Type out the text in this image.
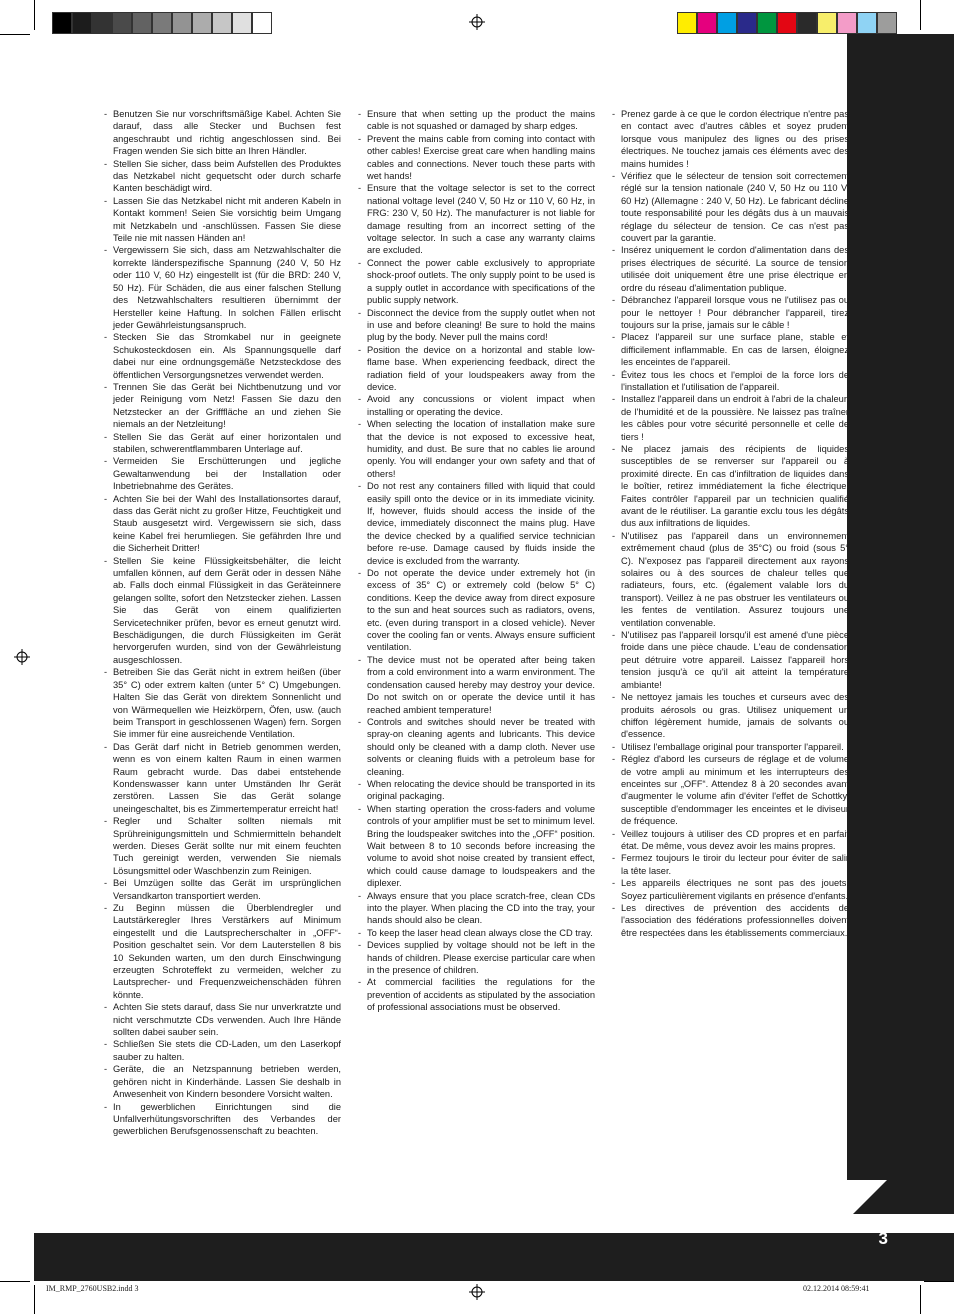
3
- Benutzen Sie nur vorschriftsmäßige Kabel. Achten Sie darauf, dass alle Stecker und Buchsen fest angeschraubt und richtig angeschlossen sind. Bei Fragen wenden Sie sich bitte an Ihren Händler.
- Stellen Sie sicher, dass beim Aufstellen des Produktes das Netzkabel nicht gequetscht oder durch scharfe Kanten beschädigt wird.
- Lassen Sie das Netzkabel nicht mit anderen Kabeln in Kontakt kommen! Seien Sie vorsichtig beim Umgang mit Netzkabeln und -anschlüssen. Fassen Sie diese Teile nie mit nassen Händen an!
- Vergewissern Sie sich, dass am Netzwahlschalter die korrekte länderspezifische Spannung (240 V, 50 Hz oder 110 V, 60 Hz) eingestellt ist (für die BRD: 240 V, 50 Hz). Für Schäden, die aus einer falschen Stellung des Netzwahlschalters resultieren übernimmt der Hersteller keine Haftung. In solchen Fällen erlischt jeder Gewährleistungsanspruch.
- Stecken Sie das Stromkabel nur in geeignete Schukosteckdosen ein. Als Spannungsquelle darf dabei nur eine ordnungsgemäße Netzsteckdose des öffentlichen Versorgungsnetzes verwendet werden.
- Trennen Sie das Gerät bei Nichtbenutzung und vor jeder Reinigung vom Netz! Fassen Sie dazu den Netzstecker an der Grifffläche an und ziehen Sie niemals an der Netzleitung!
- Stellen Sie das Gerät auf einer horizontalen und stabilen, schwerentflammbaren Unterlage auf.
- Vermeiden Sie Erschütterungen und jegliche Gewaltanwendung bei der Installation oder Inbetriebnahme des Gerätes.
- Achten Sie bei der Wahl des Installationsortes darauf, dass das Gerät nicht zu großer Hitze, Feuchtigkeit und Staub ausgesetzt wird. Vergewissern sie sich, dass keine Kabel frei herumliegen. Sie gefährden Ihre und die Sicherheit Dritter!
- Stellen Sie keine Flüssigkeitsbehälter, die leicht umfallen können, auf dem Gerät oder in dessen Nähe ab. Falls doch einmal Flüssigkeit in das Geräteinnere gelangen sollte, sofort den Netzstecker ziehen. Lassen Sie das Gerät von einem qualifizierten Servicetechniker prüfen, bevor es erneut genutzt wird. Beschädigungen, die durch Flüssigkeiten im Gerät hervorgerufen wurden, sind von der Gewährleistung ausgeschlossen.
- Betreiben Sie das Gerät nicht in extrem heißen (über 35° C) oder extrem kalten (unter 5° C) Umgebungen. Halten Sie das Gerät von direktem Sonnenlicht und von Wärmequellen wie Heizkörpern, Öfen, usw. (auch beim Transport in geschlossenen Wagen) fern. Sorgen Sie immer für eine ausreichende Ventilation.
- Das Gerät darf nicht in Betrieb genommen werden, wenn es von einem kalten Raum in einen warmen Raum gebracht wurde. Das dabei entstehende Kondenswasser kann unter Umständen Ihr Gerät zerstören. Lassen Sie das Gerät solange uneingeschaltet, bis es Zimmertemperatur erreicht hat!
- Regler und Schalter sollten niemals mit Sprühreinigungsmitteln und Schmiermitteln behandelt werden. Dieses Gerät sollte nur mit einem feuchten Tuch gereinigt werden, verwenden Sie niemals Lösungsmittel oder Waschbenzin zum Reinigen.
- Bei Umzügen sollte das Gerät im ursprünglichen Versandkarton transportiert werden.
- Zu Beginn müssen die Überblendregler und Lautstärkeregler Ihres Verstärkers auf Minimum eingestellt und die Lautsprecherschalter in „OFF“-Position geschaltet sein. Vor dem Lauterstellen 8 bis 10 Sekunden warten, um den durch Einschwingung erzeugten Schroteffekt zu vermeiden, welcher zu Lautsprecher- und Frequenzweichenschäden führen könnte.
- Achten Sie stets darauf, dass Sie nur unverkratzte und nicht verschmutzte CDs verwenden. Auch Ihre Hände sollten dabei sauber sein.
- Schließen Sie stets die CD-Laden, um den Laserkopf sauber zu halten.
- Geräte, die an Netzspannung betrieben werden, gehören nicht in Kinderhände. Lassen Sie deshalb in Anwesenheit von Kindern besondere Vorsicht walten.
- In gewerblichen Einrichtungen sind die Unfallverhütungsvorschriften des Verbandes der gewerblichen Berufsgenossenschaft zu beachten.
- Ensure that when setting up the product the mains cable is not squashed or damaged by sharp edges.
- Prevent the mains cable from coming into contact with other cables! Exercise great care when handling mains cables and connections. Never touch these parts with wet hands!
- Ensure that the voltage selector is set to the correct national voltage level (240 V, 50 Hz or 110 V, 60 Hz, in FRG: 230 V, 50 Hz). The manufacturer is not liable for damage resulting from an incorrect setting of the voltage selector. In such a case any warranty claims are excluded.
- Connect the power cable exclusively to appropriate shock-proof outlets. The only supply point to be used is a supply outlet in accordance with specifications of the public supply network.
- Disconnect the device from the supply outlet when not in use and before cleaning! Be sure to hold the mains plug by the body. Never pull the mains cord!
- Position the device on a horizontal and stable low-flame base. When experiencing feedback, direct the radiation field of your loudspeakers away from the device.
- Avoid any concussions or violent impact when installing or operating the device.
- When selecting the location of installation make sure that the device is not exposed to excessive heat, humidity, and dust. Be sure that no cables lie around openly. You will endanger your own safety and that of others!
- Do not rest any containers filled with liquid that could easily spill onto the device or in its immediate vicinity. If, however, fluids should access the inside of the device, immediately disconnect the mains plug. Have the device checked by a qualified service technician before re-use. Damage caused by fluids inside the device is excluded from the warranty.
- Do not operate the device under extremely hot (in excess of 35° C) or extremely cold (below 5° C) conditions. Keep the device away from direct exposure to the sun and heat sources such as radiators, ovens, etc. (even during transport in a closed vehicle). Never cover the cooling fan or vents. Always ensure sufficient ventilation.
- The device must not be operated after being taken from a cold environment into a warm environment. The condensation caused hereby may destroy your device. Do not switch on or operate the device until it has reached ambient temperature!
- Controls and switches should never be treated with spray-on cleaning agents and lubricants. This device should only be cleaned with a damp cloth. Never use solvents or cleaning fluids with a petroleum base for cleaning.
- When relocating the device should be transported in its original packaging.
- When starting operation the cross-faders and volume controls of your amplifier must be set to minimum level. Bring the loudspeaker switches into the „OFF“ position. Wait between 8 to 10 seconds before increasing the volume to avoid shot noise created by transient effect, which could cause damage to loudspeakers and the diplexer.
- Always ensure that you place scratch-free, clean CDs into the player. When placing the CD into the tray, your hands should also be clean.
- To keep the laser head clean always close the CD tray.
- Devices supplied by voltage should not be left in the hands of children. Please exercise particular care when in the presence of children.
- At commercial facilities the regulations for the prevention of accidents as stipulated by the association of professional associations must be observed.
- Prenez garde à ce que le cordon électrique n'entre pas en contact avec d'autres câbles et soyez prudent lorsque vous manipulez des lignes ou des prises électriques. Ne touchez jamais ces éléments avec des mains humides !
- Vérifiez que le sélecteur de tension soit correctement réglé sur la tension nationale (240 V, 50 Hz ou 110 V, 60 Hz) (Allemagne : 240 V, 50 Hz). Le fabricant décline toute responsabilité pour les dégâts dus à un mauvais réglage du sélecteur de tension. Ce cas n'est pas couvert par la garantie.
- Insérez uniquement le cordon d'alimentation dans des prises électriques de sécurité. La source de tension utilisée doit uniquement être une prise électrique en ordre du réseau d'alimentation publique.
- Débranchez l'appareil lorsque vous ne l'utilisez pas ou pour le nettoyer ! Pour débrancher l'appareil, tirez toujours sur la prise, jamais sur le câble !
- Placez l'appareil sur une surface plane, stable et difficilement inflammable. En cas de larsen, éloignez les enceintes de l'appareil.
- Évitez tous les chocs et l'emploi de la force lors de l'installation et l'utilisation de l'appareil.
- Installez l'appareil dans un endroit à l'abri de la chaleur, de l'humidité et de la poussière. Ne laissez pas traîner les câbles pour votre sécurité personnelle et celle de tiers !
- Ne placez jamais des récipients de liquides susceptibles de se renverser sur l'appareil ou à proximité directe. En cas d'infiltration de liquides dans le boîtier, retirez immédiatement la fiche électrique. Faites contrôler l'appareil par un technicien qualifié avant de le réutiliser. La garantie exclu tous les dégâts dus aux infiltrations de liquides.
- N'utilisez pas l'appareil dans un environnement extrêmement chaud (plus de 35°C) ou froid (sous 5° C). N'exposez pas l'appareil directement aux rayons solaires ou à des sources de chaleur telles que radiateurs, fours, etc. (également valable lors du transport). Veillez à ne pas obstruer les ventilateurs ou les fentes de ventilation. Assurez toujours une ventilation convenable.
- N'utilisez pas l'appareil lorsqu'il est amené d'une pièce froide dans une pièce chaude. L'eau de condensation peut détruire votre appareil. Laissez l'appareil hors tension jusqu'à ce qu'il ait atteint la température ambiante!
- Ne nettoyez jamais les touches et curseurs avec des produits aérosols ou gras. Utilisez uniquement un chiffon légèrement humide, jamais de solvants ou d'essence.
- Utilisez l'emballage original pour transporter l'appareil.
- Réglez d'abord les curseurs de réglage et de volume de votre ampli au minimum et les interrupteurs des enceintes sur „OFF“. Attendez 8 à 20 secondes avant d'augmenter le volume afin d'éviter l'effet de Schottky, susceptible d'endommager les enceintes et le diviseur de fréquence.
- Veillez toujours à utiliser des CD propres et en parfait état. De même, vous devez avoir les mains propres.
- Fermez toujours le tiroir du lecteur pour éviter de salir la tête laser.
- Les appareils électriques ne sont pas des jouets. Soyez particulièrement vigilants en présence d'enfants.
- Les directives de prévention des accidents de l'association des fédérations professionnelles doivent être respectées dans les établissements commerciaux.
IM_RMP_2760USB2.indd 3	02.12.2014 08:59:41
